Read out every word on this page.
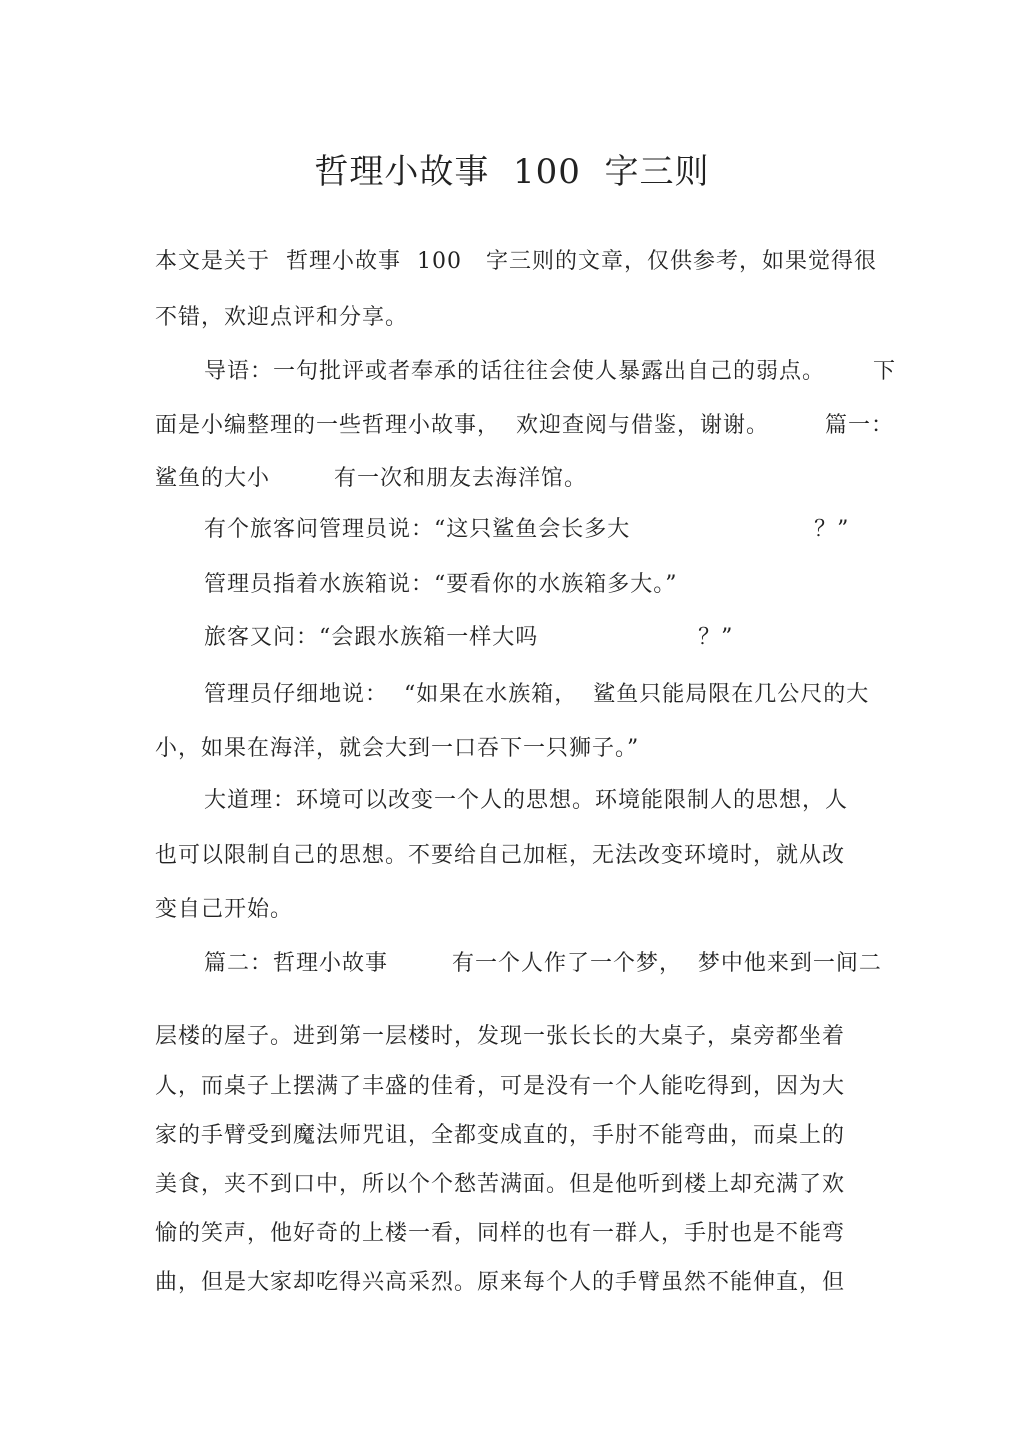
哲理小故事  100  字三则
本文是关于  哲理小故事  100   字三则的文章，仅供参考，如果觉得很
不错，欢迎点评和分享。
导语：一句批评或者奉承的话往往会使人暴露出自己的弱点。      下
面是小编整理的一些哲理小故事，  欢迎查阅与借鉴，谢谢。       篇一：
鲨鱼的大小        有一次和朋友去海洋馆。
有个旅客问管理员说：“这只鲨鱼会长多大                       ？”
管理员指着水族箱说：“要看你的水族箱多大。”
旅客又问：“会跟水族箱一样大吗                    ？”
管理员仔细地说：  “如果在水族箱，  鲨鱼只能局限在几公尺的大
小，如果在海洋，就会大到一口吞下一只狮子。”
大道理：环境可以改变一个人的思想。环境能限制人的思想，人
也可以限制自己的思想。不要给自己加框，无法改变环境时，就从改
变自己开始。
篇二：哲理小故事        有一个人作了一个梦，  梦中他来到一间二
层楼的屋子。进到第一层楼时，发现一张长长的大桌子，桌旁都坐着
人，而桌子上摆满了丰盛的佳肴，可是没有一个人能吃得到，因为大
家的手臂受到魔法师咒诅，全都变成直的，手肘不能弯曲，而桌上的
美食，夹不到口中，所以个个愁苦满面。但是他听到楼上却充满了欢
愉的笑声，他好奇的上楼一看，同样的也有一群人，手肘也是不能弯
曲，但是大家却吃得兴高采烈。原来每个人的手臂虽然不能伸直，但
